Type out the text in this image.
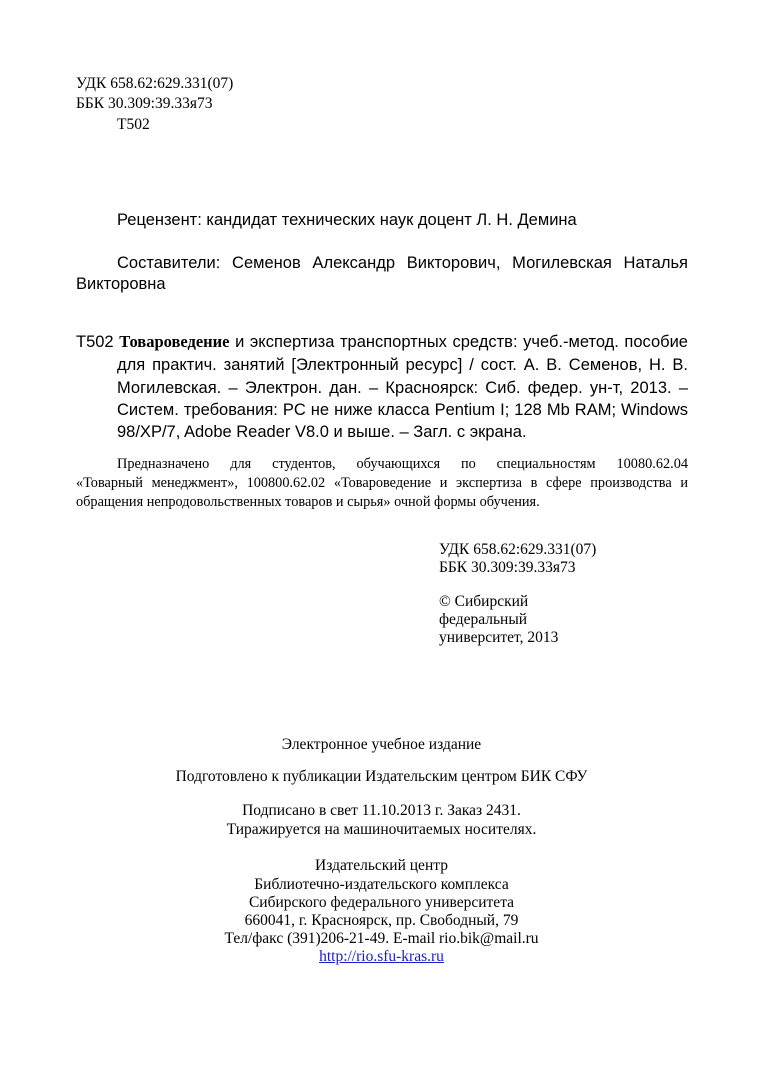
УДК 658.62:629.331(07)
ББК 30.309:39.33я73
Т502
Рецензент: кандидат технических наук доцент Л. Н. Демина
Составители: Семенов Александр Викторович, Могилевская Наталья
Викторовна
Т502 Товароведение и экспертиза транспортных средств: учеб.-метод. пособие
для практич. занятий [Электронный ресурс] / сост. А. В. Семенов, Н. В.
Могилевская. – Электрон. дан. – Красноярск: Сиб. федер. ун-т, 2013. –
Систем. требования: PC не ниже класса Pentium I; 128 Mb RAM; Windows
98/XP/7, Adobe Reader V8.0 и выше. – Загл. с экрана.
Предназначено для студентов, обучающихся по специальностям 10080.62.04
«Товарный менеджмент», 100800.62.02 «Товароведение и экспертиза в сфере производства и
обращения непродовольственных товаров и сырья» очной формы обучения.
УДК 658.62:629.331(07)
ББК 30.309:39.33я73
© Сибирский
федеральный
университет, 2013
Электронное учебное издание
Подготовлено к публикации Издательским центром БИК СФУ
Подписано в свет 11.10.2013 г. Заказ 2431.
Тиражируется на машиночитаемых носителях.
Издательский центр
Библиотечно-издательского комплекса
Сибирского федерального университета
660041, г. Красноярск, пр. Свободный, 79
Тел/факс (391)206-21-49. E-mail rio.bik@mail.ru
http://rio.sfu-kras.ru
